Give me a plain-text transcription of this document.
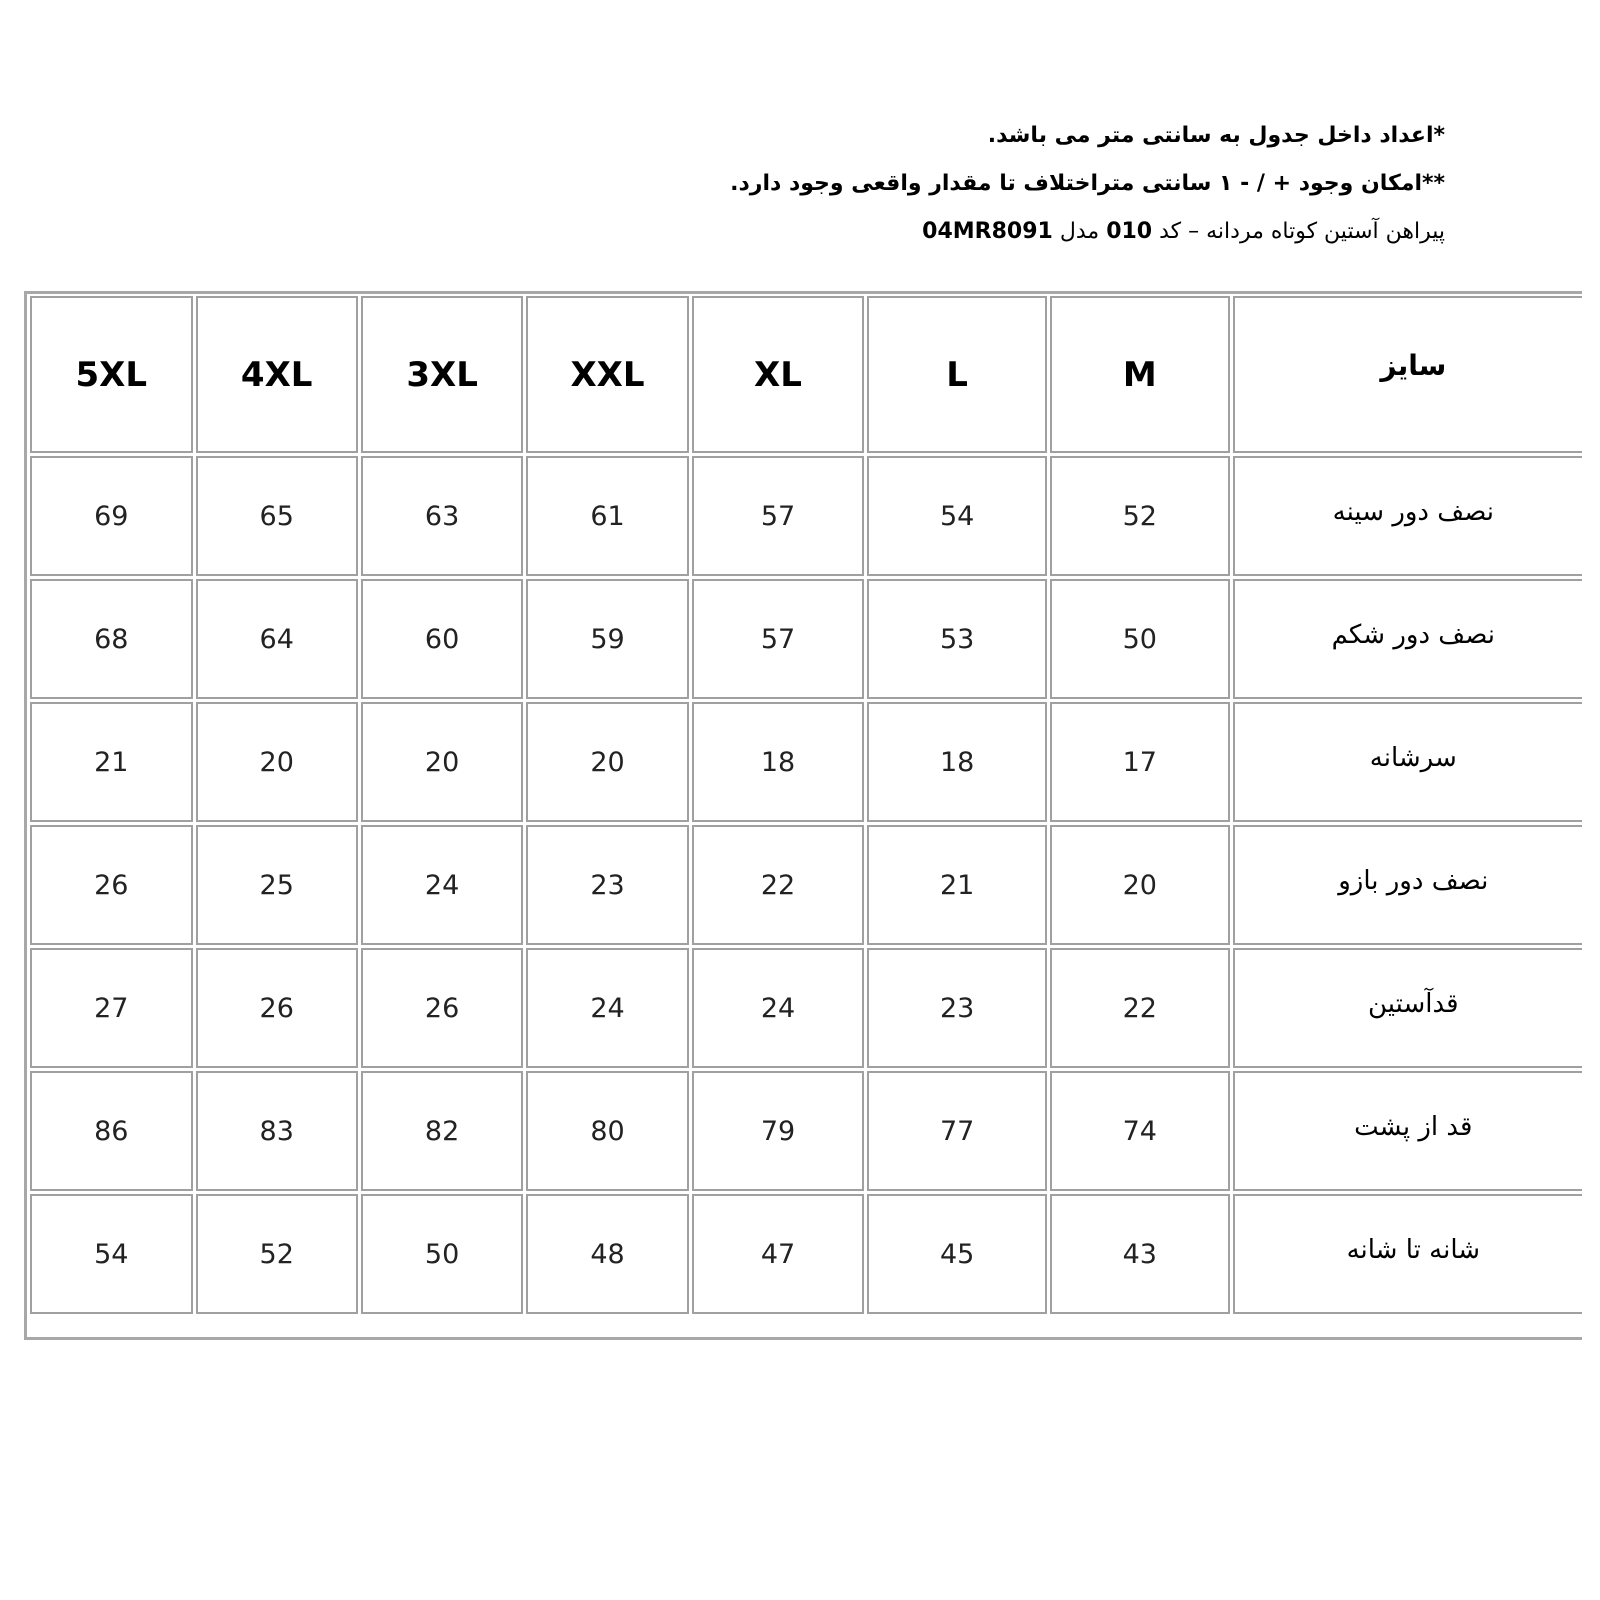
*اعداد داخل جدول به سانتی متر می باشد.
**امکان وجود + / - ۱ سانتی متراختلاف تا مقدار واقعی وجود دارد.
پیراهن آستین کوتاه مردانه – کد 010 مدل 04MR8091
سایز	M	L	XL	XXL	3XL	4XL	5XL
نصف دور سینه	52	54	57	61	63	65	69
نصف دور شکم	50	53	57	59	60	64	68
سرشانه	17	18	18	20	20	20	21
نصف دور بازو	20	21	22	23	24	25	26
قدآستین	22	23	24	24	26	26	27
قد از پشت	74	77	79	80	82	83	86
شانه تا شانه	43	45	47	48	50	52	54
